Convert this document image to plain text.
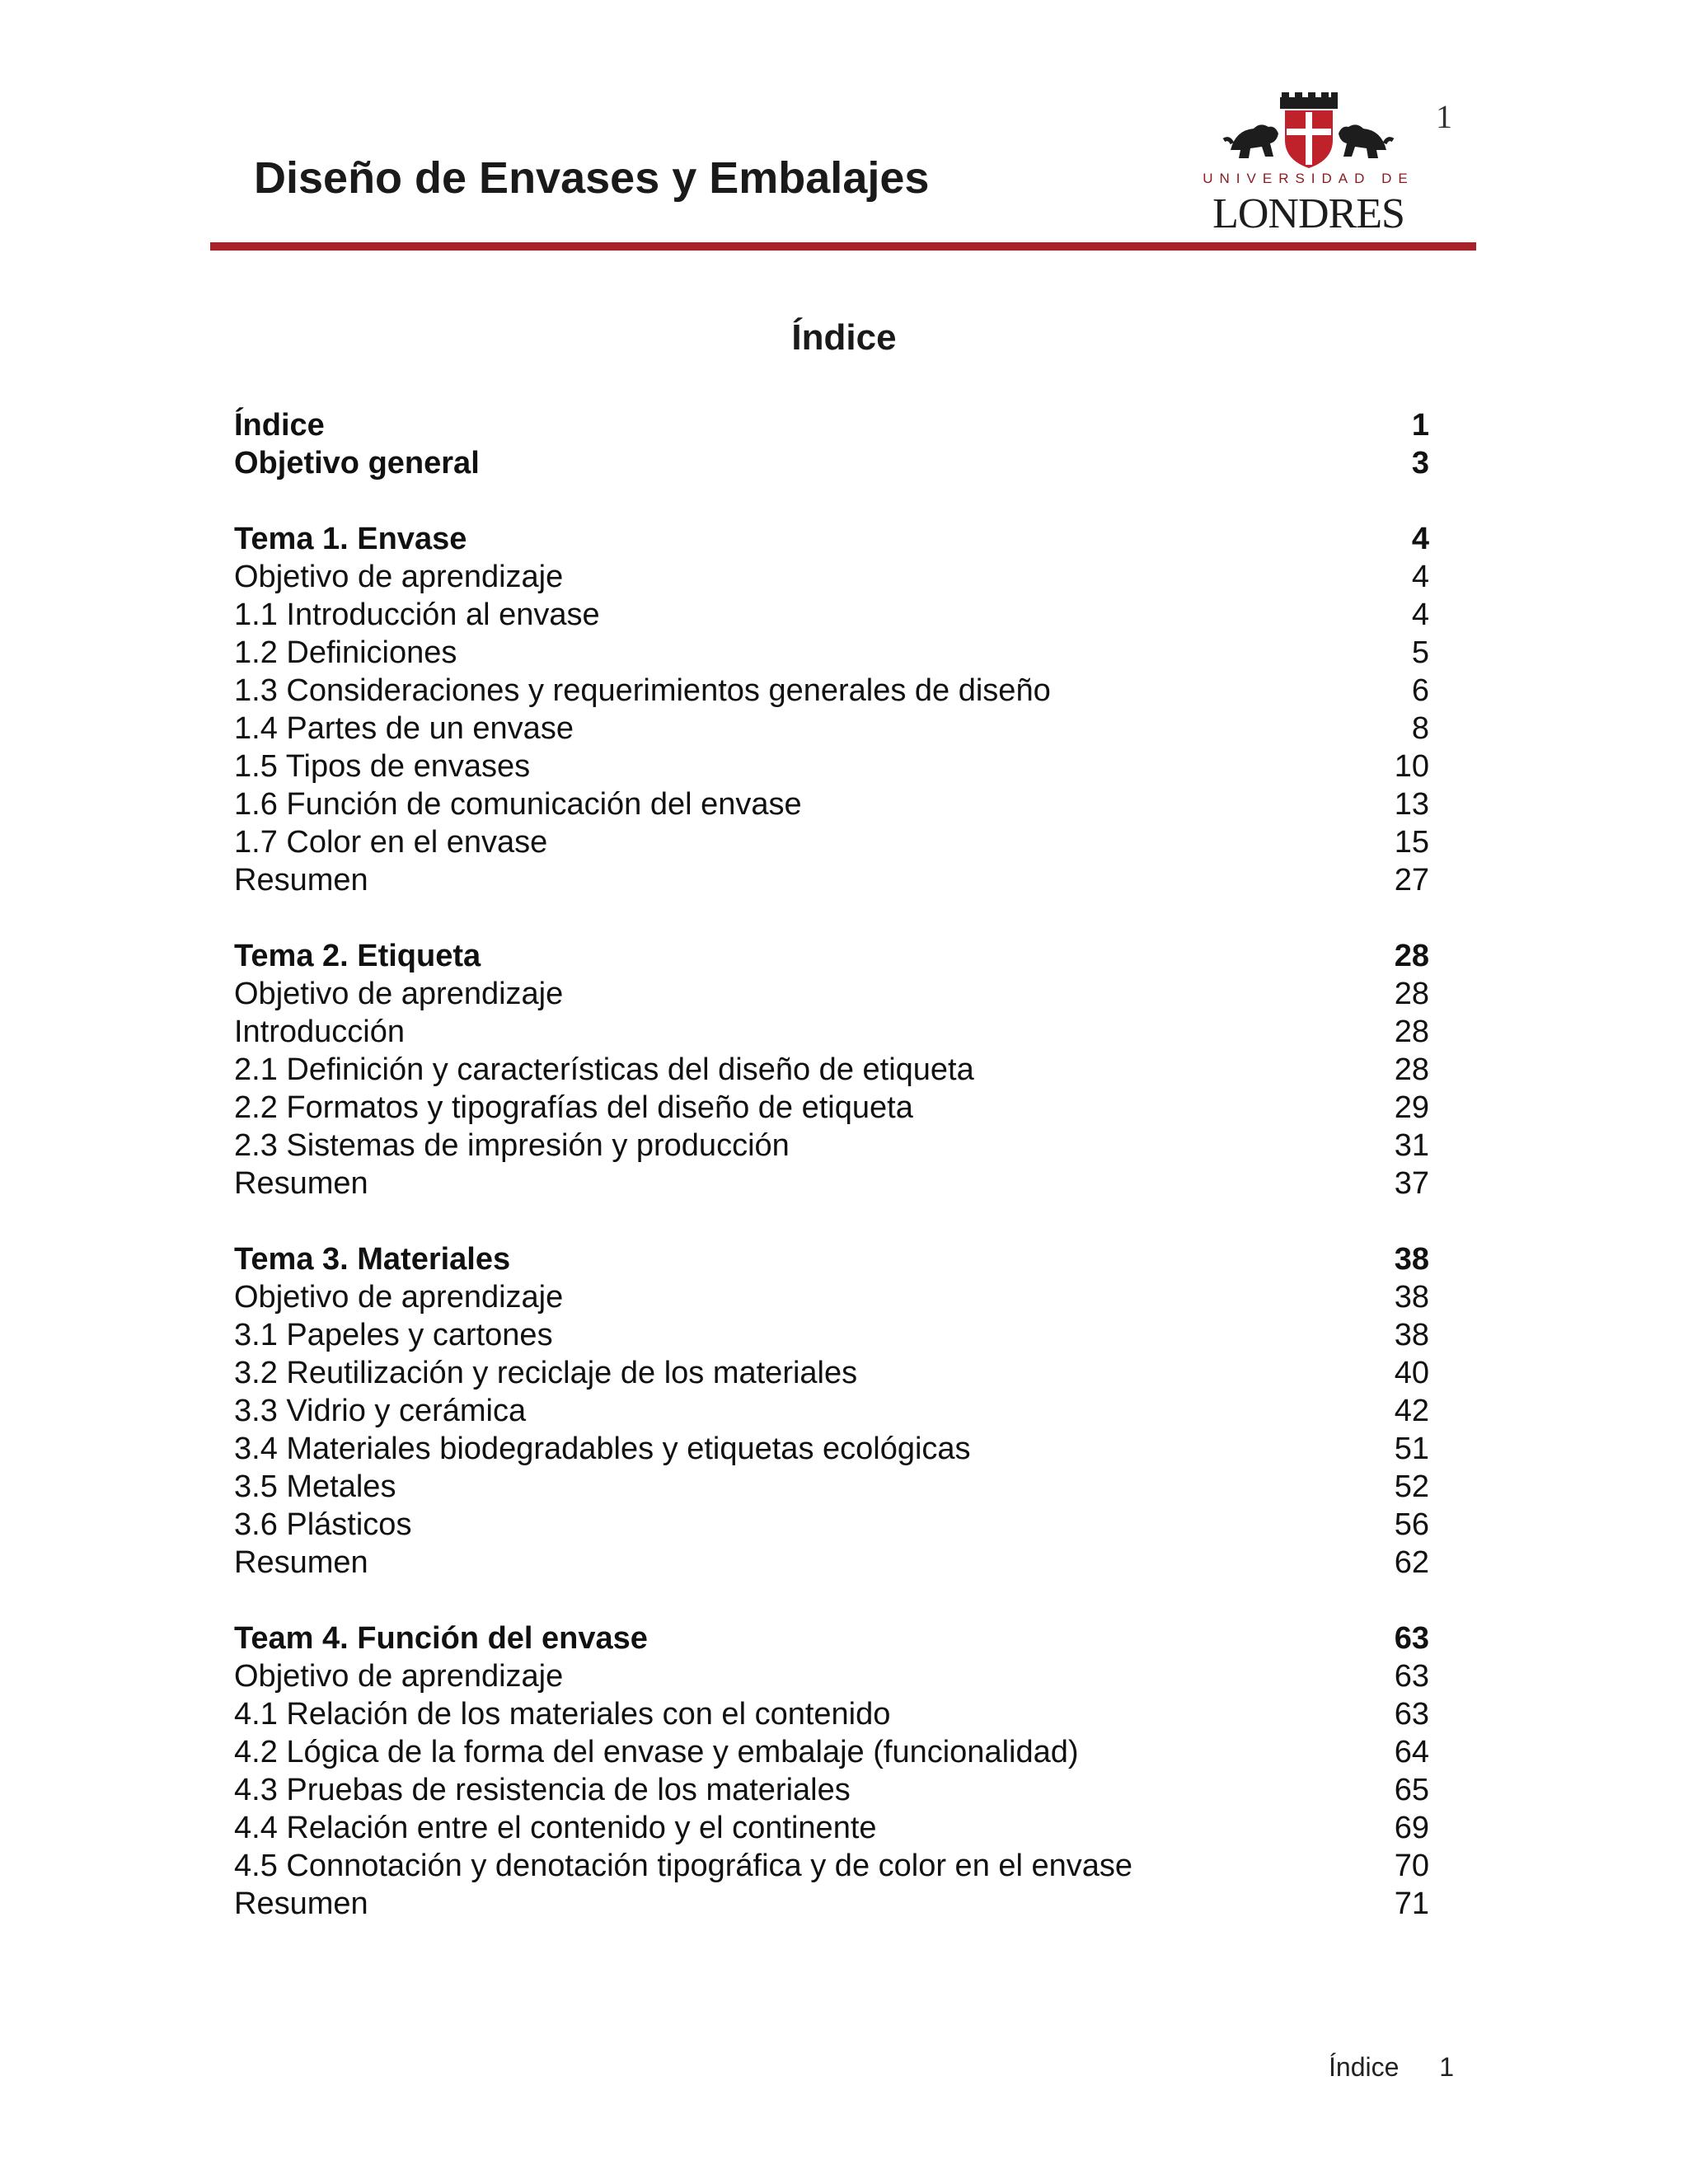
1
Diseño de Envases y Embalajes	UNIVERSIDAD DE
LONDRES
Índice
Índice	1
Objetivo general	3
Tema 1. Envase	4
Objetivo de aprendizaje	4
1.1 Introducción al envase	4
1.2 Definiciones	5
1.3 Consideraciones y requerimientos generales de diseño	6
1.4 Partes de un envase	8
1.5 Tipos de envases	10
1.6 Función de comunicación del envase	13
1.7 Color en el envase	15
Resumen	27
Tema 2. Etiqueta	28
Objetivo de aprendizaje	28
Introducción	28
2.1 Definición y características del diseño de etiqueta	28
2.2 Formatos y tipografías del diseño de etiqueta	29
2.3 Sistemas de impresión y producción	31
Resumen	37
Tema 3. Materiales	38
Objetivo de aprendizaje	38
3.1 Papeles y cartones	38
3.2 Reutilización y reciclaje de los materiales	40
3.3 Vidrio y cerámica	42
3.4 Materiales biodegradables y etiquetas ecológicas	51
3.5 Metales	52
3.6 Plásticos	56
Resumen	62
Team 4. Función del envase	63
Objetivo de aprendizaje	63
4.1 Relación de los materiales con el contenido	63
4.2 Lógica de la forma del envase y embalaje (funcionalidad)	64
4.3 Pruebas de resistencia de los materiales	65
4.4 Relación entre el contenido y el continente	69
4.5 Connotación y denotación tipográfica y de color en el envase	70
Resumen	71
Índice 1
